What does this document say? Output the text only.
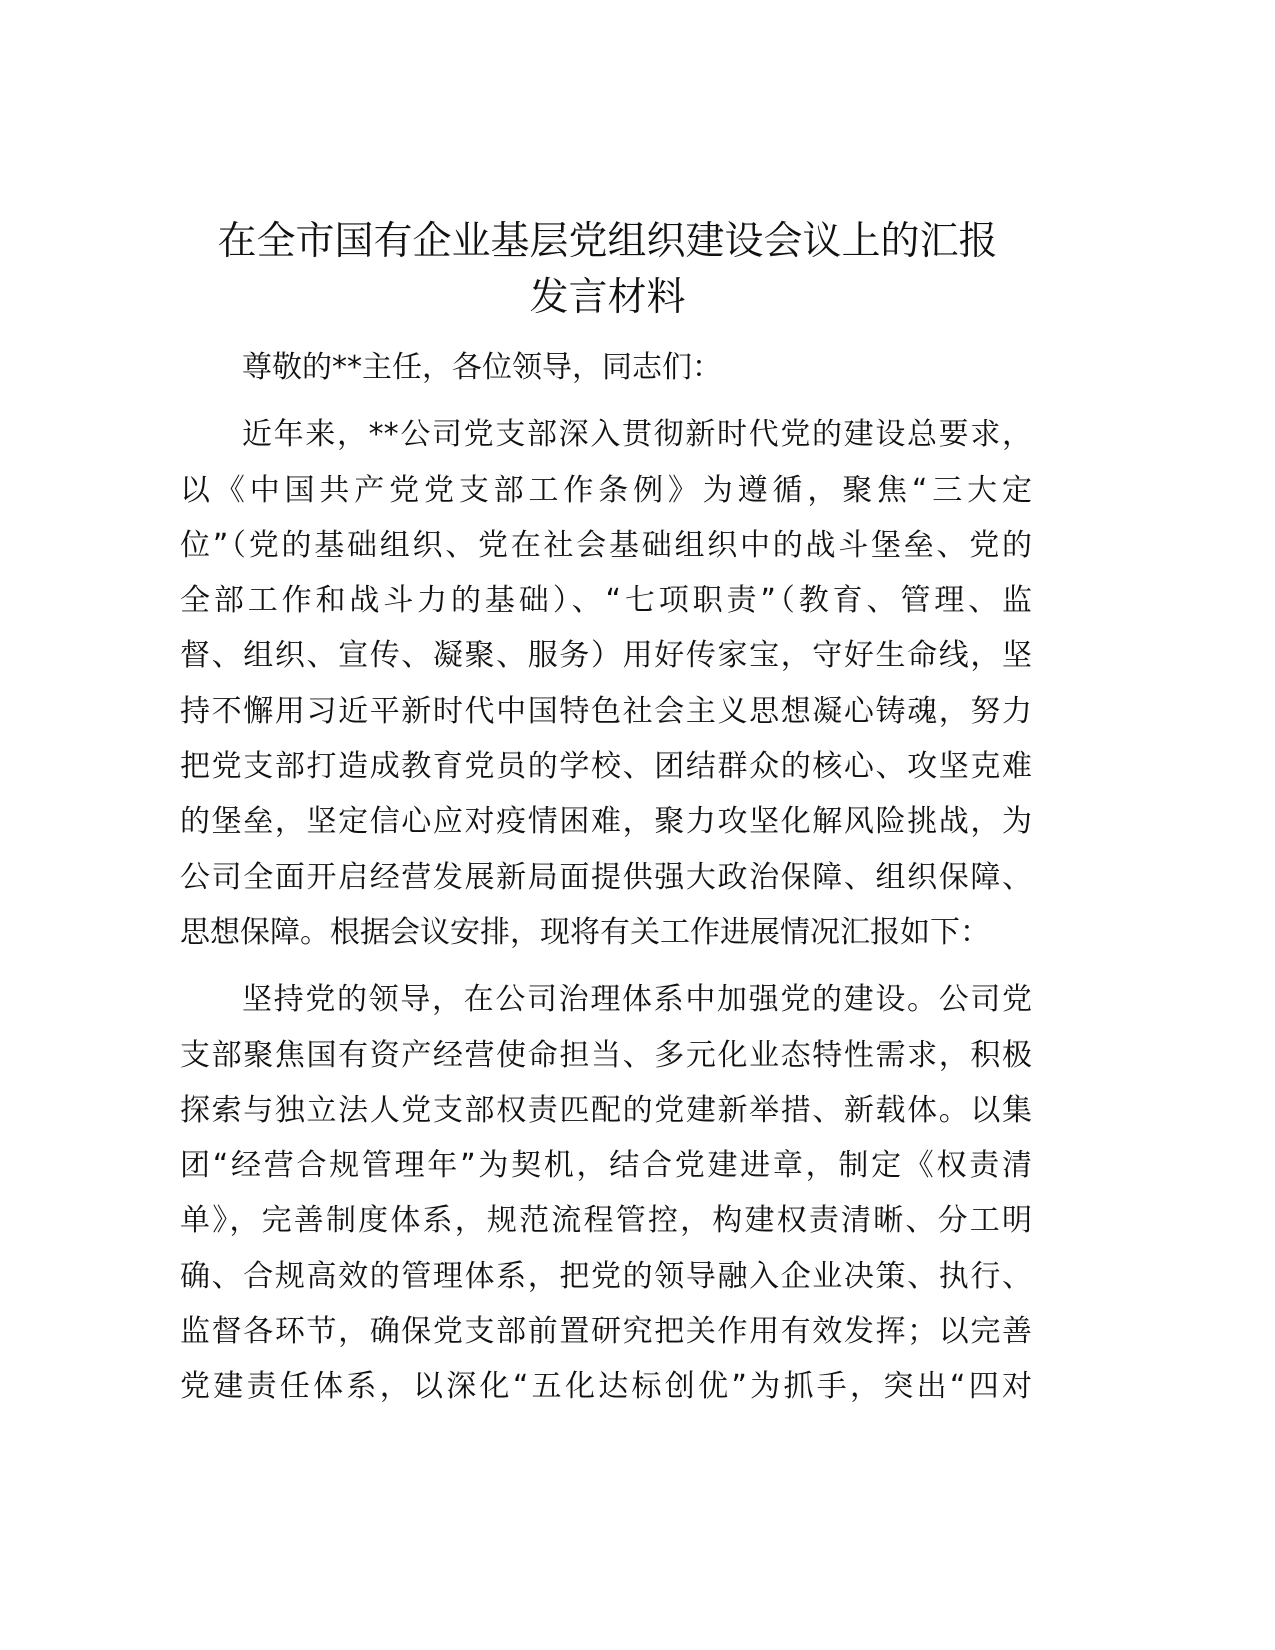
在全市国有企业基层党组织建设会议上的汇报
发言材料
尊敬的**主任，各位领导，同志们：
近年来，**公司党支部深入贯彻新时代党的建设总要求，
以《中国共产党党支部工作条例》为遵循，聚焦“三大定
位”（党的基础组织、党在社会基础组织中的战斗堡垒、党的
全部工作和战斗力的基础）、“七项职责”（教育、管理、监
督、组织、宣传、凝聚、服务）用好传家宝，守好生命线，坚
持不懈用习近平新时代中国特色社会主义思想凝心铸魂，努力
把党支部打造成教育党员的学校、团结群众的核心、攻坚克难
的堡垒，坚定信心应对疫情困难，聚力攻坚化解风险挑战，为
公司全面开启经营发展新局面提供强大政治保障、组织保障、
思想保障。根据会议安排，现将有关工作进展情况汇报如下：
坚持党的领导，在公司治理体系中加强党的建设。公司党
支部聚焦国有资产经营使命担当、多元化业态特性需求，积极
探索与独立法人党支部权责匹配的党建新举措、新载体。以集
团“经营合规管理年”为契机，结合党建进章，制定《权责清
单》，完善制度体系，规范流程管控，构建权责清晰、分工明
确、合规高效的管理体系，把党的领导融入企业决策、执行、
监督各环节，确保党支部前置研究把关作用有效发挥；以完善
党建责任体系，以深化“五化达标创优”为抓手，突出“四对
